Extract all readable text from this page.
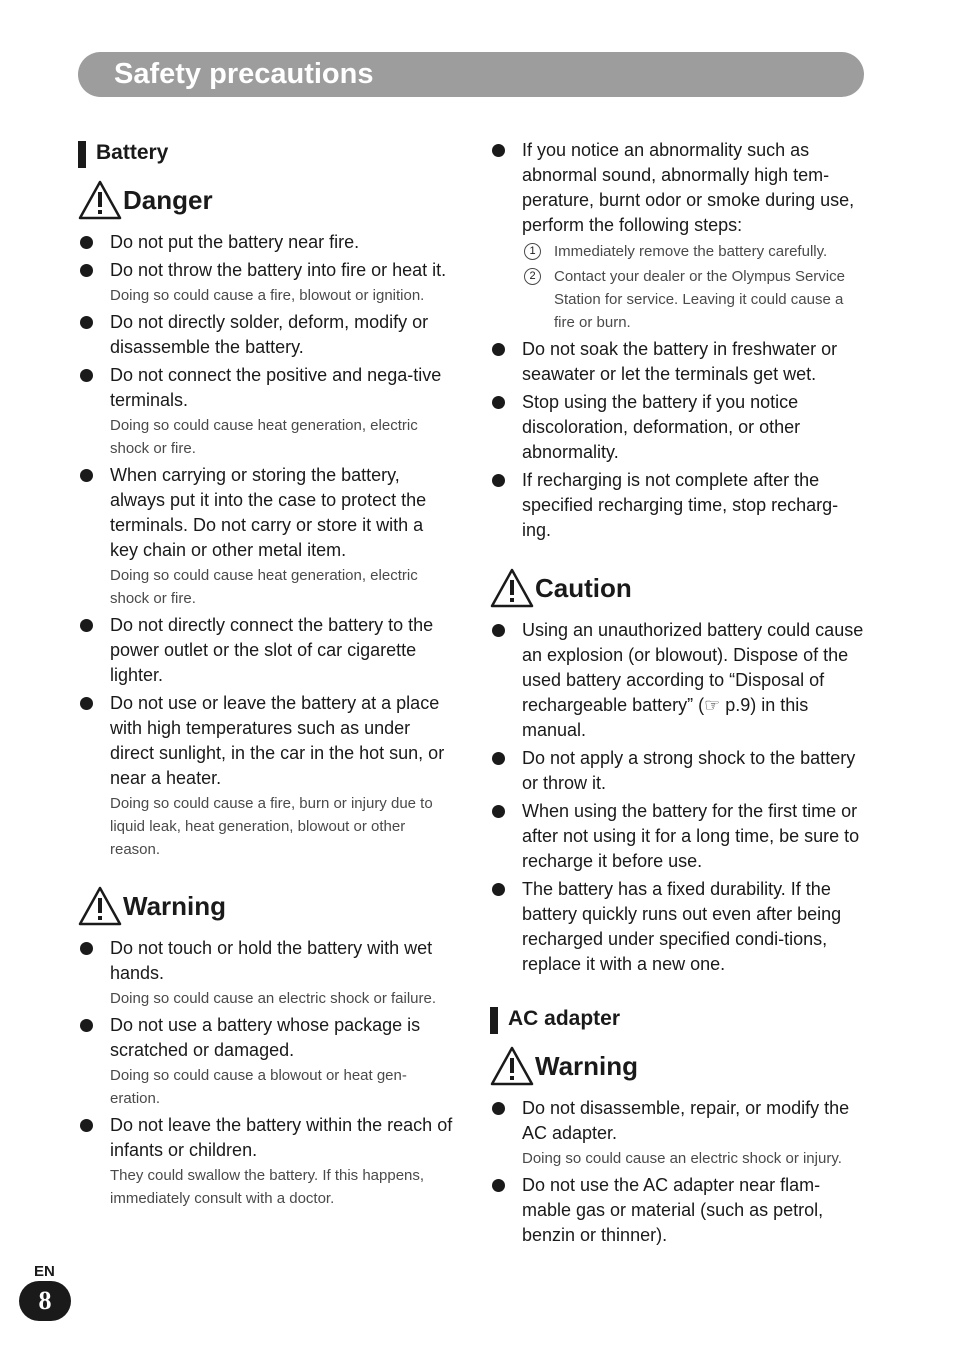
Safety precautions
Battery
Danger
Do not put the battery near fire.
Do not throw the battery into fire or heat it.
Doing so could cause a fire, blowout or ignition.
Do not directly solder, deform, modify or disassemble the battery.
Do not connect the positive and nega-tive terminals.
Doing so could cause heat generation, electric shock or fire.
When carrying or storing the battery, always put it into the case to protect the terminals. Do not carry or store it with a key chain or other metal item.
Doing so could cause heat generation, electric shock or fire.
Do not directly connect the battery to the power outlet or the slot of car cigarette lighter.
Do not use or leave the battery at a place with high temperatures such as under direct sunlight, in the car in the hot sun, or near a heater.
Doing so could cause a fire, burn or injury due to liquid leak, heat generation, blowout or other reason.
Warning
Do not touch or hold the battery with wet hands.
Doing so could cause an electric shock or failure.
Do not use a battery whose package is scratched or damaged.
Doing so could cause a blowout or heat gen-eration.
Do not leave the battery within the reach of infants or children.
They could swallow the battery. If this happens, immediately consult with a doctor.
If you notice an abnormality such as abnormal sound, abnormally high tem-perature, burnt odor or smoke during use, perform the following steps:
1	Immediately remove the battery carefully.
2	Contact your dealer or the Olympus Service Station for service. Leaving it could cause a fire or burn.
Do not soak the battery in freshwater or seawater or let the terminals get wet.
Stop using the battery if you notice discoloration, deformation, or other abnormality.
If recharging is not complete after the specified recharging time, stop recharg-ing.
Caution
Using an unauthorized battery could cause an explosion (or blowout). Dispose of the used battery according to “Disposal of rechargeable battery” (☞ p.9) in this manual.
Do not apply a strong shock to the battery or throw it.
When using the battery for the first time or after not using it for a long time, be sure to recharge it before use.
The battery has a fixed durability. If the battery quickly runs out even after being recharged under specified condi-tions, replace it with a new one.
AC adapter
Warning
Do not disassemble, repair, or modify the AC adapter.
Doing so could cause an electric shock or injury.
Do not use the AC adapter near flam-mable gas or material (such as petrol, benzin or thinner).
EN
8
